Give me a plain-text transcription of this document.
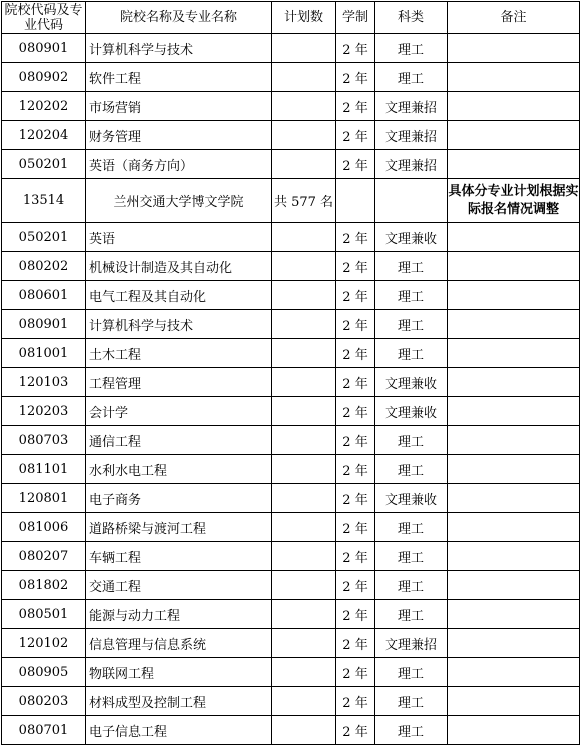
院校代码及专业代码	院校名称及专业名称	计划数	学制	科类	备注
080901	计算机科学与技术		2 年	理工	
080902	软件工程		2 年	理工	
120202	市场营销		2 年	文理兼招	
120204	财务管理		2 年	文理兼招	
050201	英语（商务方向）		2 年	文理兼招	
13514	兰州交通大学博文学院	共 577 名			具体分专业计划根据实际报名情况调整
050201	英语		2 年	文理兼收	
080202	机械设计制造及其自动化		2 年	理工	
080601	电气工程及其自动化		2 年	理工	
080901	计算机科学与技术		2 年	理工	
081001	土木工程		2 年	理工	
120103	工程管理		2 年	文理兼收	
120203	会计学		2 年	文理兼收	
080703	通信工程		2 年	理工	
081101	水利水电工程		2 年	理工	
120801	电子商务		2 年	文理兼收	
081006	道路桥梁与渡河工程		2 年	理工	
080207	车辆工程		2 年	理工	
081802	交通工程		2 年	理工	
080501	能源与动力工程		2 年	理工	
120102	信息管理与信息系统		2 年	文理兼招	
080905	物联网工程		2 年	理工	
080203	材料成型及控制工程		2 年	理工	
080701	电子信息工程		2 年	理工	
